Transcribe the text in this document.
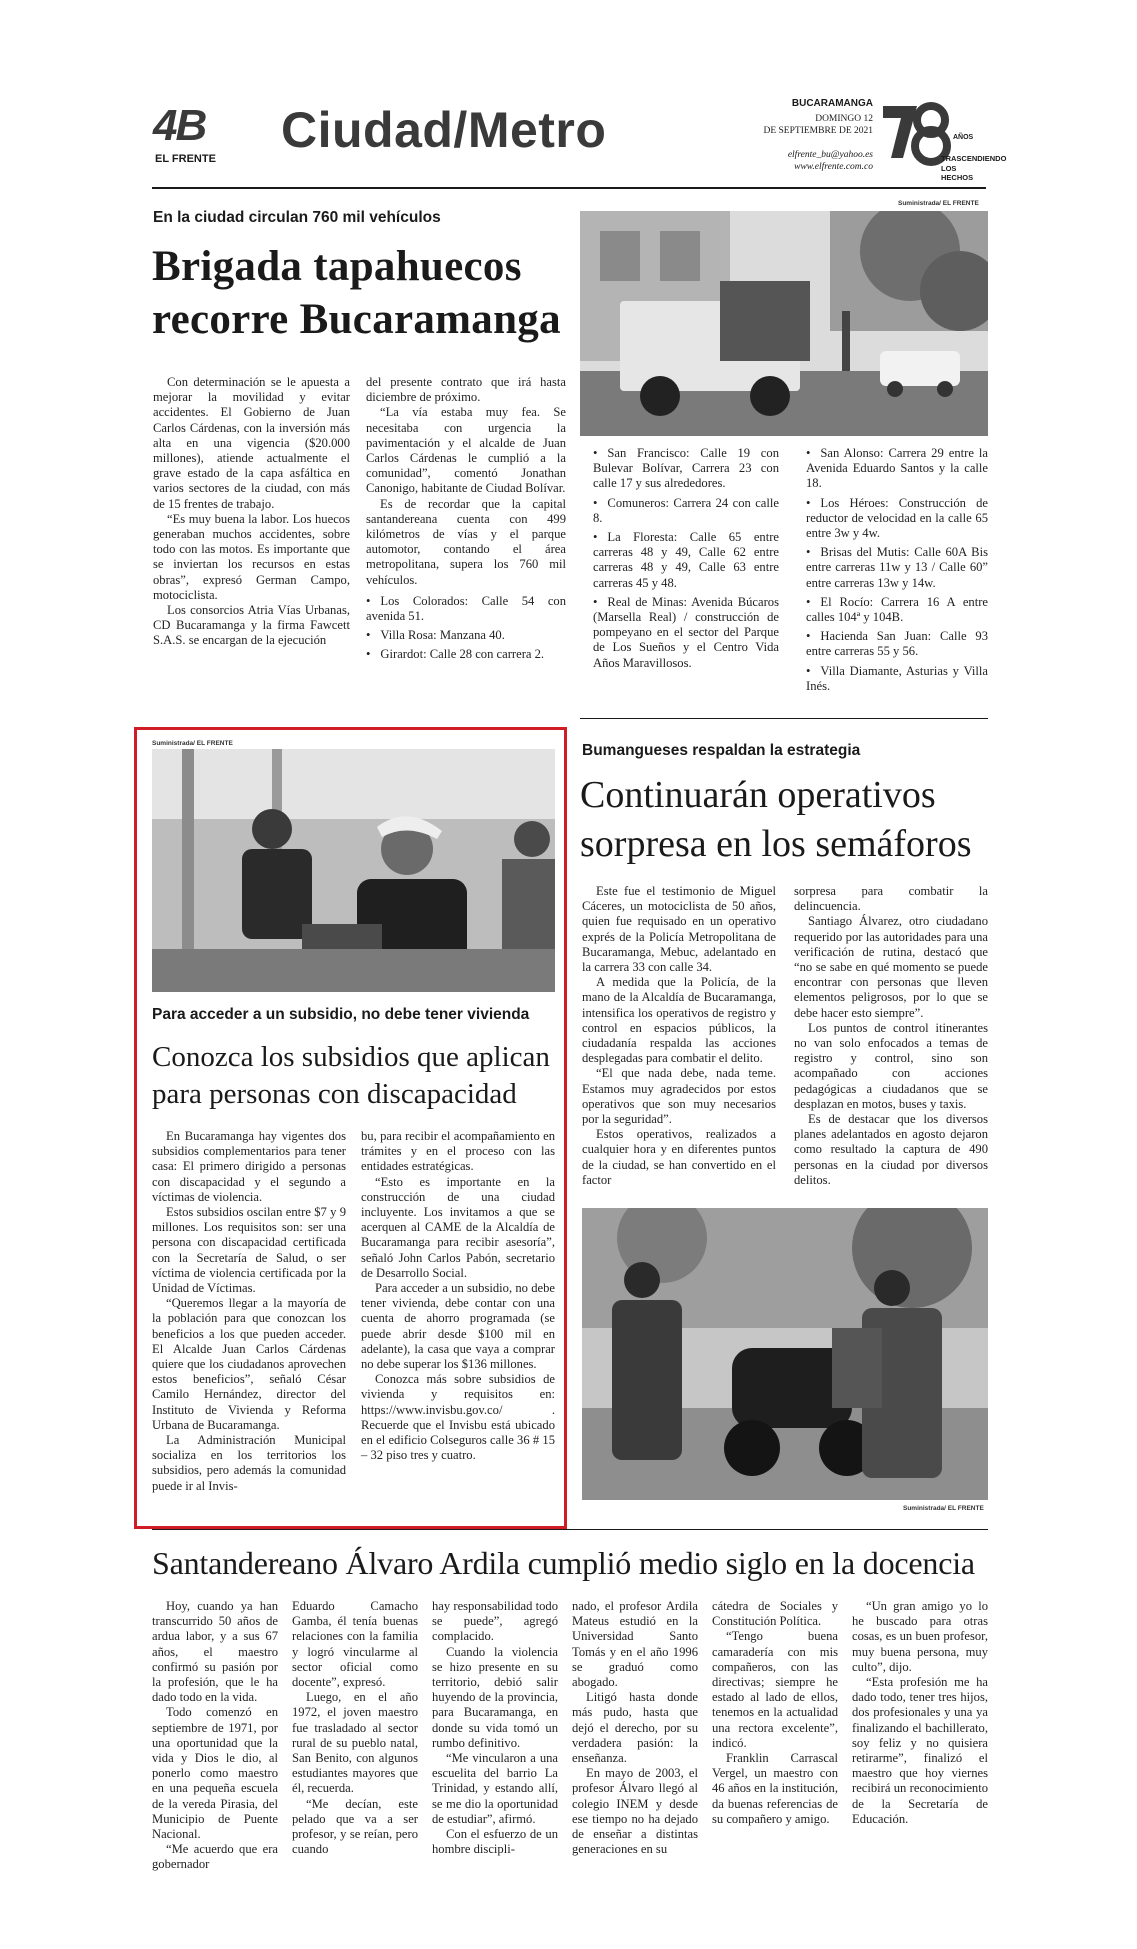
4B
EL FRENTE
Ciudad/Metro	BUCARAMANGA
DOMINGO 12
DE SEPTIEMBRE DE 2021
elfrente_bu@yahoo.es
www.elfrente.com.co
AÑOS
TRASCENDIENDO
LOS HECHOS
En la ciudad circulan 760 mil vehículos
Brigada tapahuecos
recorre Bucaramanga
Suministrada/ EL FRENTE

Con determinación se le apuesta a mejorar la movilidad y evitar accidentes. El Gobierno de Juan Carlos Cárdenas, con la inversión más alta en una vigencia ($20.000 millones), atiende actualmente el grave estado de la capa asfáltica en varios sectores de la ciudad, con más de 15 frentes de trabajo.

“Es muy buena la labor. Los huecos generaban muchos accidentes, sobre todo con las motos. Es importante que se inviertan los recursos en estas obras”, expresó German Campo, motociclista.

Los consorcios Atria Vías Urbanas, CD Bucaramanga y la firma Fawcett S.A.S. se encargan de la ejecución

del presente contrato que irá hasta diciembre de próximo.

“La vía estaba muy fea. Se necesitaba con urgencia la pavimentación y el alcalde de Juan Carlos Cárdenas le cumplió a la comunidad”, comentó Jonathan Canonigo, habitante de Ciudad Bolívar.

Es de recordar que la capital santandereana cuenta con 499 kilómetros de vías y el parque automotor, contando el área metropolitana, supera los 760 mil vehículos.

• Los Colorados: Calle 54 con avenida 51.
• Villa Rosa: Manzana 40.
• Girardot: Calle 28 con carrera 2.
• San Francisco: Calle 19 con Bulevar Bolívar, Carrera 23 con calle 17 y sus alrededores.
• Comuneros: Carrera 24 con calle 8.
• La Floresta: Calle 65 entre carreras 48 y 49, Calle 62 entre carreras 48 y 49, Calle 63 entre carreras 45 y 48.
• Real de Minas: Avenida Búcaros (Marsella Real) / construcción de pompeyano en el sector del Parque de Los Sueños y el Centro Vida Años Maravillosos.
• San Alonso: Carrera 29 entre la Avenida Eduardo Santos y la calle 18.
• Los Héroes: Construcción de reductor de velocidad en la calle 65 entre 3w y 4w.
• Brisas del Mutis: Calle 60A Bis entre carreras 11w y 13 / Calle 60” entre carreras 13w y 14w.
• El Rocío: Carrera 16 A entre calles 104ª y 104B.
• Hacienda San Juan: Calle 93 entre carreras 55 y 56.
• Villa Diamante, Asturias y Villa Inés.
Suministrada/ EL FRENTE
Para acceder a un subsidio, no debe tener vivienda
Conozca los subsidios que aplican
para personas con discapacidad

En Bucaramanga hay vigentes dos subsidios complementarios para tener casa: El primero dirigido a personas con discapacidad y el segundo a víctimas de violencia.

Estos subsidios oscilan entre $7 y 9 millones. Los requisitos son: ser una persona con discapacidad certificada con la Secretaría de Salud, o ser víctima de violencia certificada por la Unidad de Víctimas.

“Queremos llegar a la mayoría de la población para que conozcan los beneficios a los que pueden acceder. El Alcalde Juan Carlos Cárdenas quiere que los ciudadanos aprovechen estos beneficios”, señaló César Camilo Hernández, director del Instituto de Vivienda y Reforma Urbana de Bucaramanga.

La Administración Municipal socializa en los territorios los subsidios, pero además la comunidad puede ir al Invis-

bu, para recibir el acompañamiento en trámites y en el proceso con las entidades estratégicas.

“Esto es importante en la construcción de una ciudad incluyente. Los invitamos a que se acerquen al CAME de la Alcaldía de Bucaramanga para recibir asesoría”, señaló John Carlos Pabón, secretario de Desarrollo Social.

Para acceder a un subsidio, no debe tener vivienda, debe contar con una cuenta de ahorro programada (se puede abrir desde $100 mil en adelante), la casa que vaya a comprar no debe superar los $136 millones.

Conozca más sobre subsidios de vivienda y requisitos en: https://www.invisbu.gov.co/ . Recuerde que el Invisbu está ubicado en el edificio Colseguros calle 36 # 15 – 32 piso tres y cuatro.

Bumangueses respaldan la estrategia
Continuarán operativos
sorpresa en los semáforos

Este fue el testimonio de Miguel Cáceres, un motociclista de 50 años, quien fue requisado en un operativo exprés de la Policía Metropolitana de Bucaramanga, Mebuc, adelantado en la carrera 33 con calle 34.

A medida que la Policía, de la mano de la Alcaldía de Bucaramanga, intensifica los operativos de registro y control en espacios públicos, la ciudadanía respalda las acciones desplegadas para combatir el delito.

“El que nada debe, nada teme. Estamos muy agradecidos por estos operativos que son muy necesarios por la seguridad”.

Estos operativos, realizados a cualquier hora y en diferentes puntos de la ciudad, se han convertido en el factor

sorpresa para combatir la delincuencia.

Santiago Álvarez, otro ciudadano requerido por las autoridades para una verificación de rutina, destacó que “no se sabe en qué momento se puede encontrar con personas que lleven elementos peligrosos, por lo que se debe hacer esto siempre”.

Los puntos de control itinerantes no van solo enfocados a temas de registro y control, sino son acompañado con acciones pedagógicas a ciudadanos que se desplazan en motos, buses y taxis.

Es de destacar que los diversos planes adelantados en agosto dejaron como resultado la captura de 490 personas en la ciudad por diversos delitos.

Suministrada/ EL FRENTE
Santandereano Álvaro Ardila cumplió medio siglo en la docencia

Hoy, cuando ya han transcurrido 50 años de ardua labor, y a sus 67 años, el maestro confirmó su pasión por la profesión, que le ha dado todo en la vida.

Todo comenzó en septiembre de 1971, por una oportunidad que la vida y Dios le dio, al ponerlo como maestro en una pequeña escuela de la vereda Pirasia, del Municipio de Puente Nacional.

“Me acuerdo que era gobernador

Eduardo Camacho Gamba, él tenía buenas relaciones con la familia y logró vincularme al sector oficial como docente”, expresó.

Luego, en el año 1972, el joven maestro fue trasladado al sector rural de su pueblo natal, San Benito, con algunos estudiantes mayores que él, recuerda.

“Me decían, este pelado que va a ser profesor, y se reían, pero cuando

hay responsabilidad todo se puede”, agregó complacido.

Cuando la violencia se hizo presente en su territorio, debió salir huyendo de la provincia, para Bucaramanga, en donde su vida tomó un rumbo definitivo.

“Me vincularon a una escuelita del barrio La Trinidad, y estando allí, se me dio la oportunidad de estudiar”, afirmó.

Con el esfuerzo de un hombre discipli-

nado, el profesor Ardila Mateus estudió en la Universidad Santo Tomás y en el año 1996 se graduó como abogado.

Litigó hasta donde más pudo, hasta que dejó el derecho, por su verdadera pasión: la enseñanza.

En mayo de 2003, el profesor Álvaro llegó al colegio INEM y desde ese tiempo no ha dejado de enseñar a distintas generaciones en su

cátedra de Sociales y Constitución Política.

“Tengo buena camaradería con mis compañeros, con las directivas; siempre he estado al lado de ellos, tenemos en la actualidad una rectora excelente”, indicó.

Franklin Carrascal Vergel, un maestro con 46 años en la institución, da buenas referencias de su compañero y amigo.

“Un gran amigo yo lo he buscado para otras cosas, es un buen profesor, muy buena persona, muy culto”, dijo.

“Esta profesión me ha dado todo, tener tres hijos, dos profesionales y una ya finalizando el bachillerato, soy feliz y no quisiera retirarme”, finalizó el maestro que hoy viernes recibirá un reconocimiento de la Secretaría de Educación.
